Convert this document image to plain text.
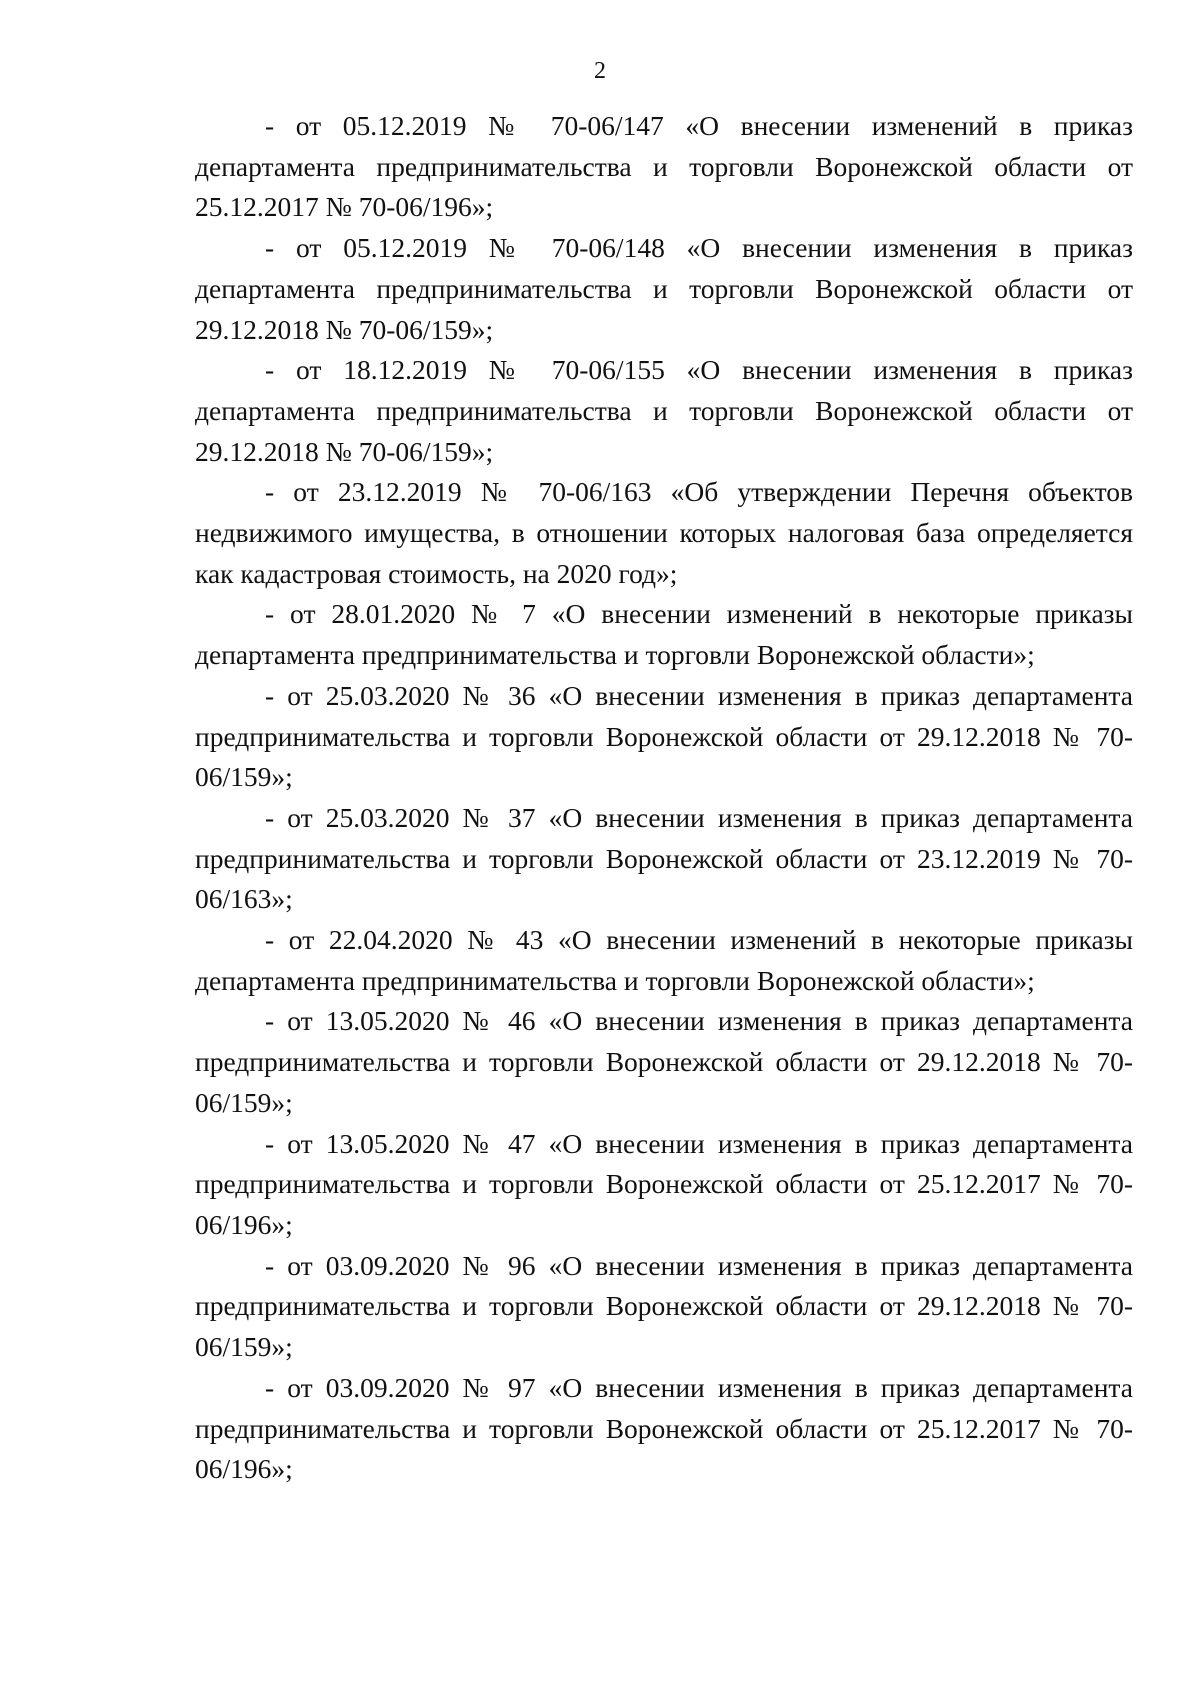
2

- от 05.12.2019 № 70-06/147 «О внесении изменений в приказ департамента предпринимательства и торговли Воронежской области от 25.12.2017 № 70-06/196»;

- от 05.12.2019 № 70-06/148 «О внесении изменения в приказ департамента предпринимательства и торговли Воронежской области от 29.12.2018 № 70-06/159»;

- от 18.12.2019 № 70-06/155 «О внесении изменения в приказ департамента предпринимательства и торговли Воронежской области от 29.12.2018 № 70-06/159»;

- от 23.12.2019 № 70-06/163 «Об утверждении Перечня объектов недвижимого имущества, в отношении которых налоговая база определяется как кадастровая стоимость, на 2020 год»;

- от 28.01.2020 № 7 «О внесении изменений в некоторые приказы департамента предпринимательства и торговли Воронежской области»;

- от 25.03.2020 № 36 «О внесении изменения в приказ департамента предпринимательства и торговли Воронежской области от 29.12.2018 № 70-06/159»;

- от 25.03.2020 № 37 «О внесении изменения в приказ департамента предпринимательства и торговли Воронежской области от 23.12.2019 № 70-06/163»;

- от 22.04.2020 № 43 «О внесении изменений в некоторые приказы департамента предпринимательства и торговли Воронежской области»;

- от 13.05.2020 № 46 «О внесении изменения в приказ департамента предпринимательства и торговли Воронежской области от 29.12.2018 № 70-06/159»;

- от 13.05.2020 № 47 «О внесении изменения в приказ департамента предпринимательства и торговли Воронежской области от 25.12.2017 № 70-06/196»;

- от 03.09.2020 № 96 «О внесении изменения в приказ департамента предпринимательства и торговли Воронежской области от 29.12.2018 № 70-06/159»;

- от 03.09.2020 № 97 «О внесении изменения в приказ департамента предпринимательства и торговли Воронежской области от 25.12.2017 № 70-06/196»;
